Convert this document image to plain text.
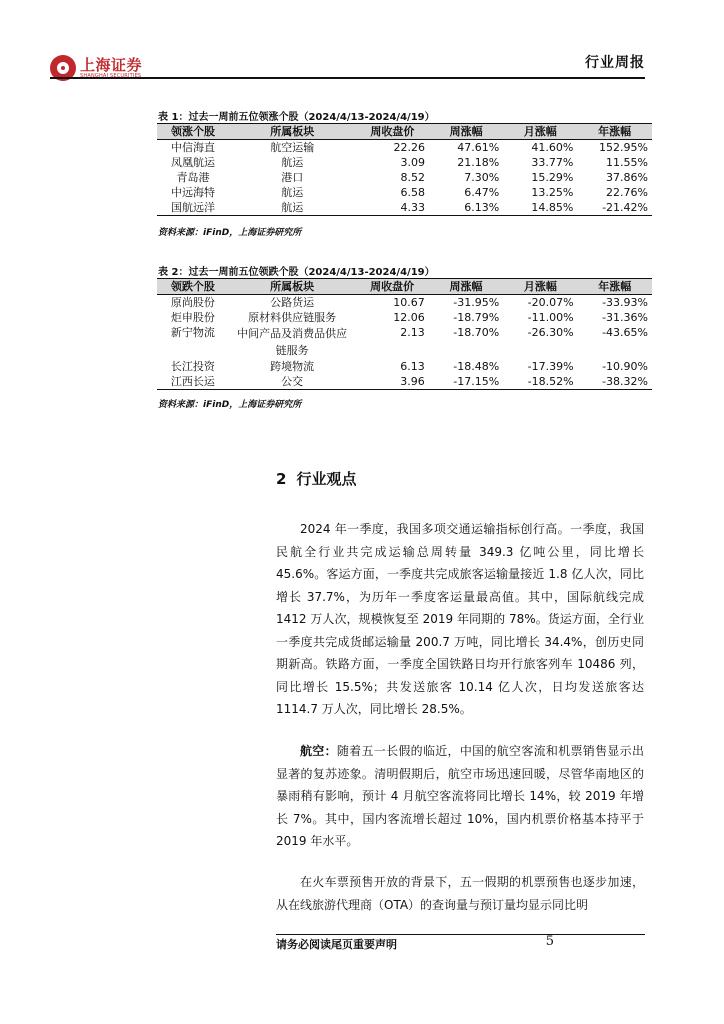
上海证券
SHANGHAI SECURITIES
行业周报
表 1：过去一周前五位领涨个股（2024/4/13-2024/4/19）
领涨个股	所属板块	周收盘价	周涨幅	月涨幅	年涨幅
中信海直	航空运输	22.26	47.61%	41.60%	152.95%
凤凰航运	航运	3.09	21.18%	33.77%	11.55%
青岛港	港口	8.52	7.30%	15.29%	37.86%
中远海特	航运	6.58	6.47%	13.25%	22.76%
国航远洋	航运	4.33	6.13%	14.85%	-21.42%
资料来源：iFinD，上海证券研究所
表 2：过去一周前五位领跌个股（2024/4/13-2024/4/19）
领跌个股	所属板块	周收盘价	周涨幅	月涨幅	年涨幅
原尚股份	公路货运	10.67	-31.95%	-20.07%	-33.93%
炬申股份	原材料供应链服务	12.06	-18.79%	-11.00%	-31.36%
新宁物流	中间产品及消费品供应链服务	2.13	-18.70%	-26.30%	-43.65%
长江投资	跨境物流	6.13	-18.48%	-17.39%	-10.90%
江西长运	公交	3.96	-17.15%	-18.52%	-38.32%
资料来源：iFinD，上海证券研究所
2 行业观点

2024 年一季度，我国多项交通运输指标创行高。一季度，我国民航全行业共完成运输总周转量 349.3 亿吨公里，同比增长 45.6%。客运方面，一季度共完成旅客运输量接近 1.8 亿人次，同比增长 37.7%，为历年一季度客运量最高值。其中，国际航线完成 1412 万人次，规模恢复至 2019 年同期的 78%。货运方面，全行业一季度共完成货邮运输量 200.7 万吨，同比增长 34.4%，创历史同期新高。铁路方面，一季度全国铁路日均开行旅客列车 10486 列，同比增长 15.5%；共发送旅客 10.14 亿人次，日均发送旅客达 1114.7 万人次，同比增长 28.5%。

航空：随着五一长假的临近，中国的航空客流和机票销售显示出显著的复苏迹象。清明假期后，航空市场迅速回暖，尽管华南地区的暴雨稍有影响，预计 4 月航空客流将同比增长 14%，较 2019 年增长 7%。其中，国内客流增长超过 10%，国内机票价格基本持平于 2019 年水平。

在火车票预售开放的背景下，五一假期的机票预售也逐步加速，从在线旅游代理商（OTA）的查询量与预订量均显示同比明

请务必阅读尾页重要声明	5
